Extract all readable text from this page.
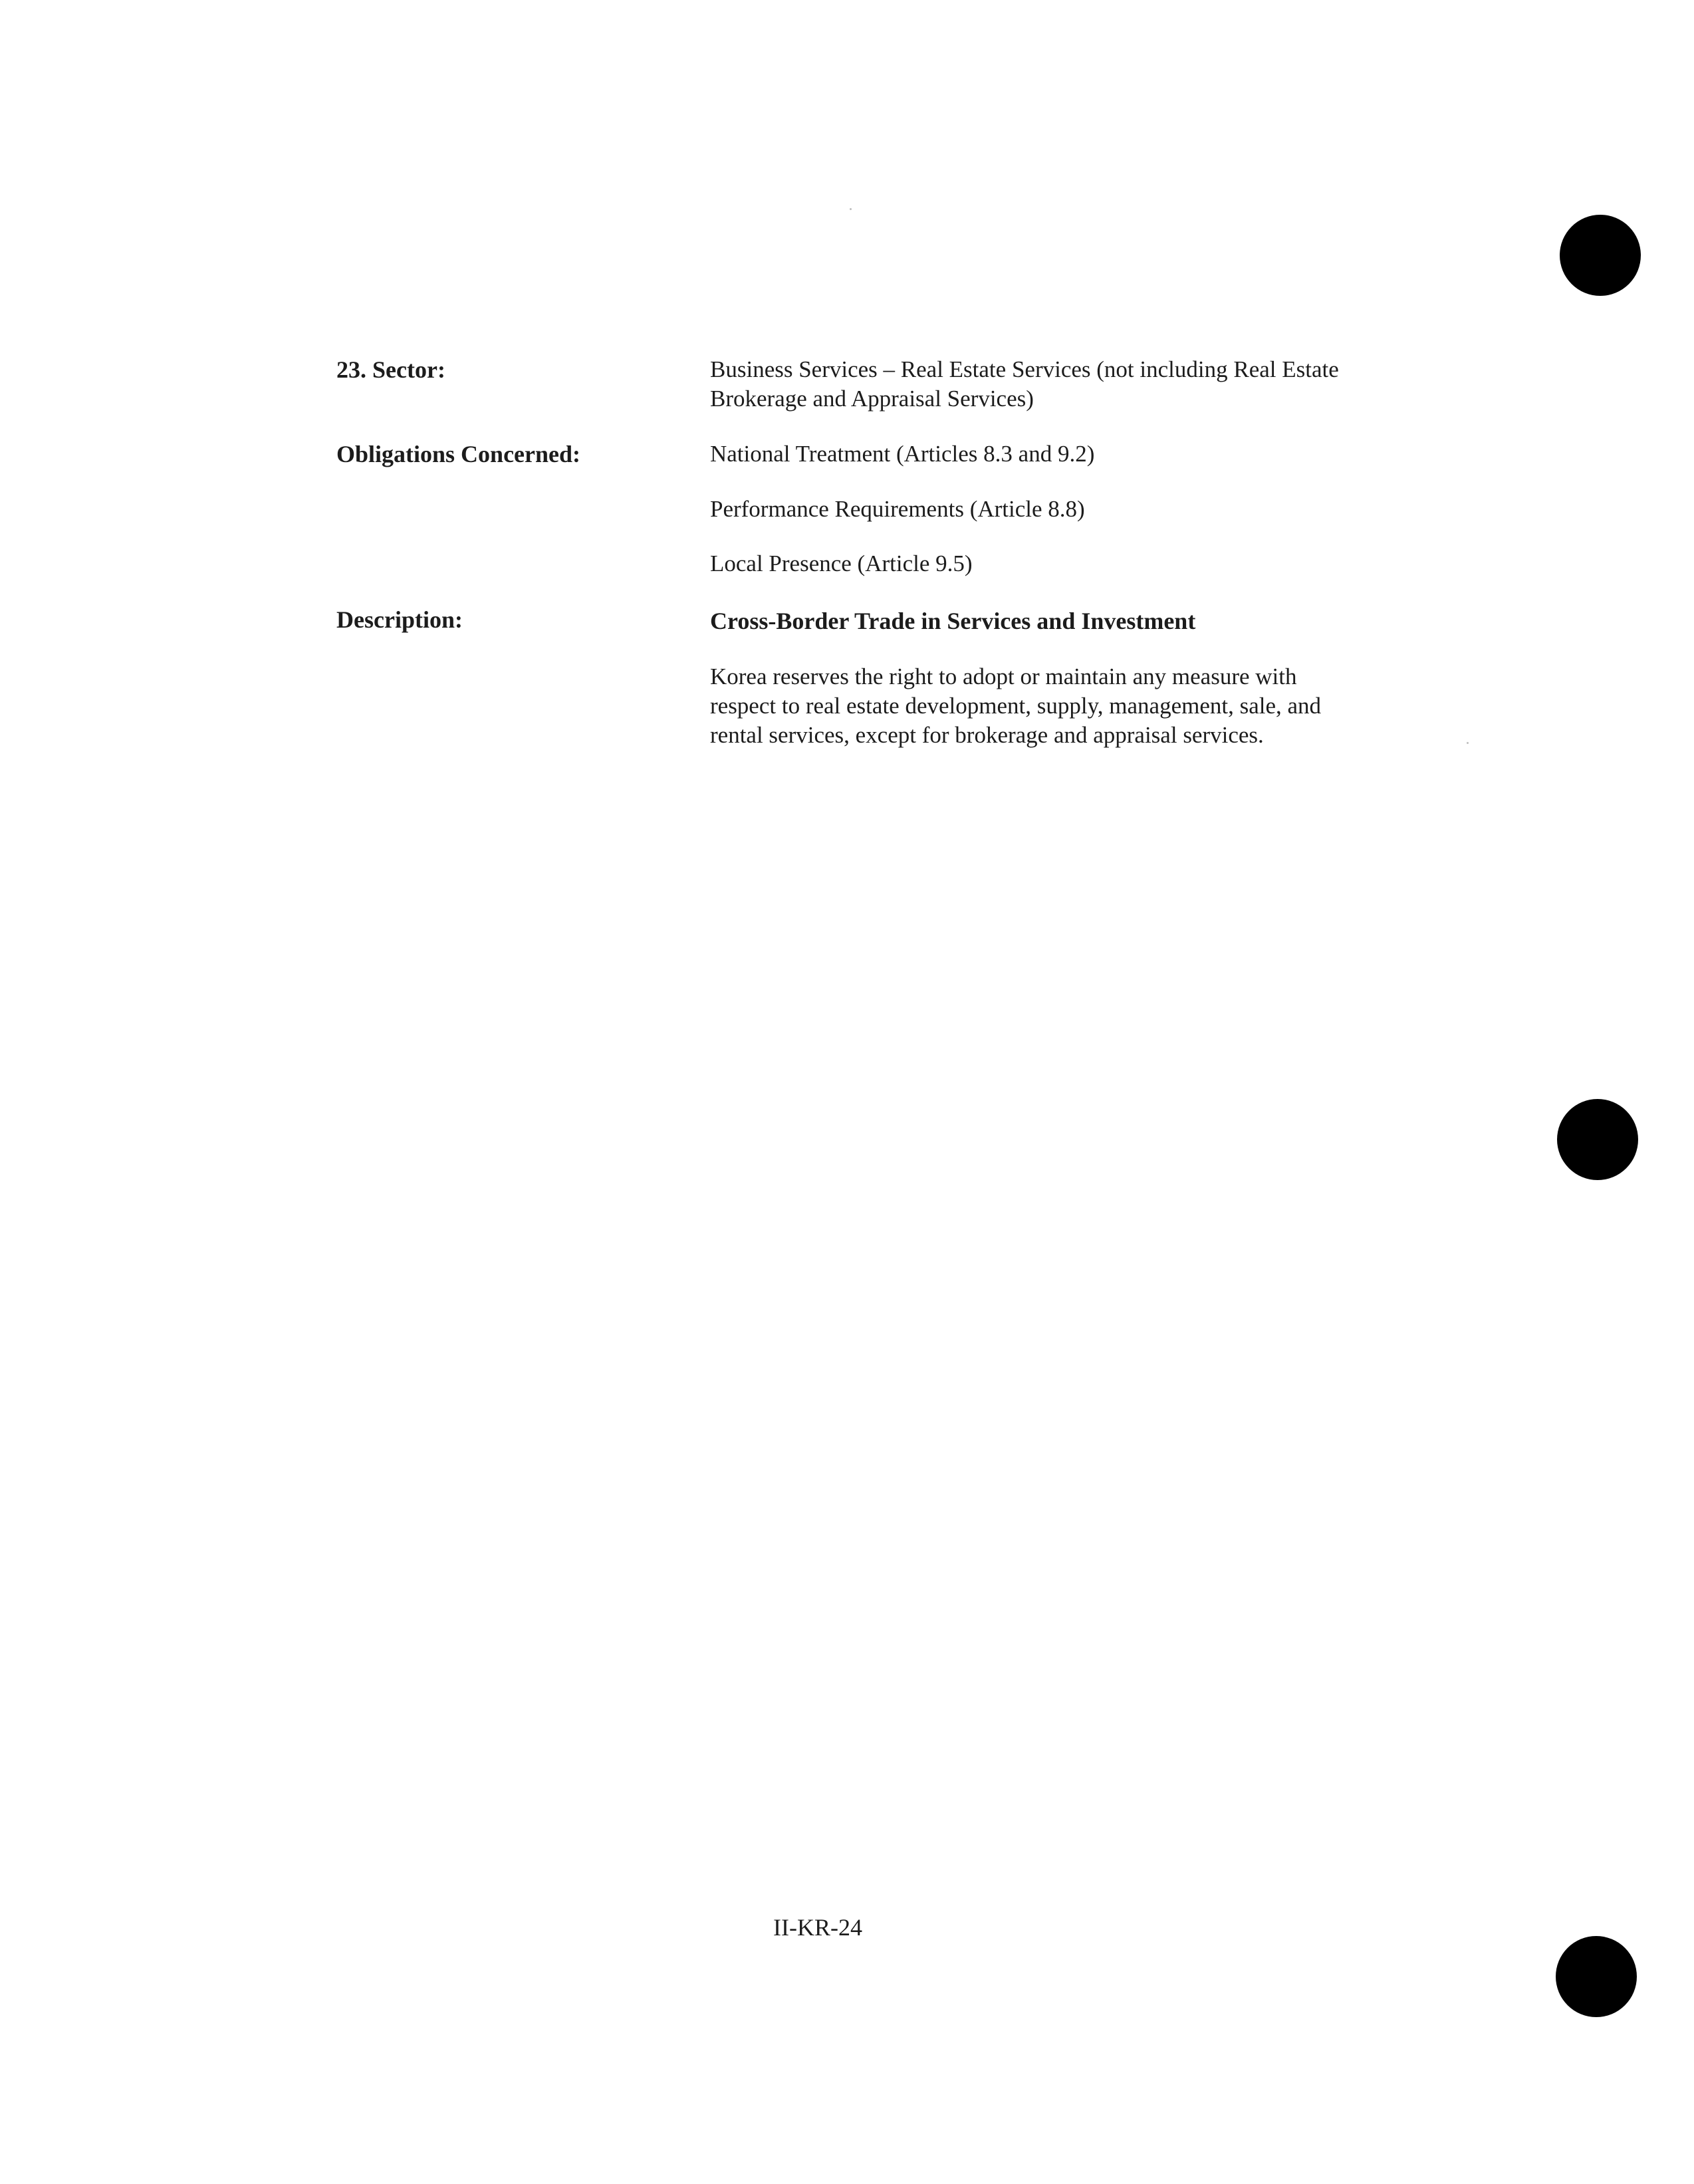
23. Sector:	Business Services – Real Estate Services (not including Real Estate Brokerage and Appraisal Services)
Obligations Concerned:	National Treatment (Articles 8.3 and 9.2)
Performance Requirements (Article 8.8)
Local Presence (Article 9.5)
Description:	Cross-Border Trade in Services and Investment
Korea reserves the right to adopt or maintain any measure with respect to real estate development, supply, management, sale, and rental services, except for brokerage and appraisal services.
II-KR-24
